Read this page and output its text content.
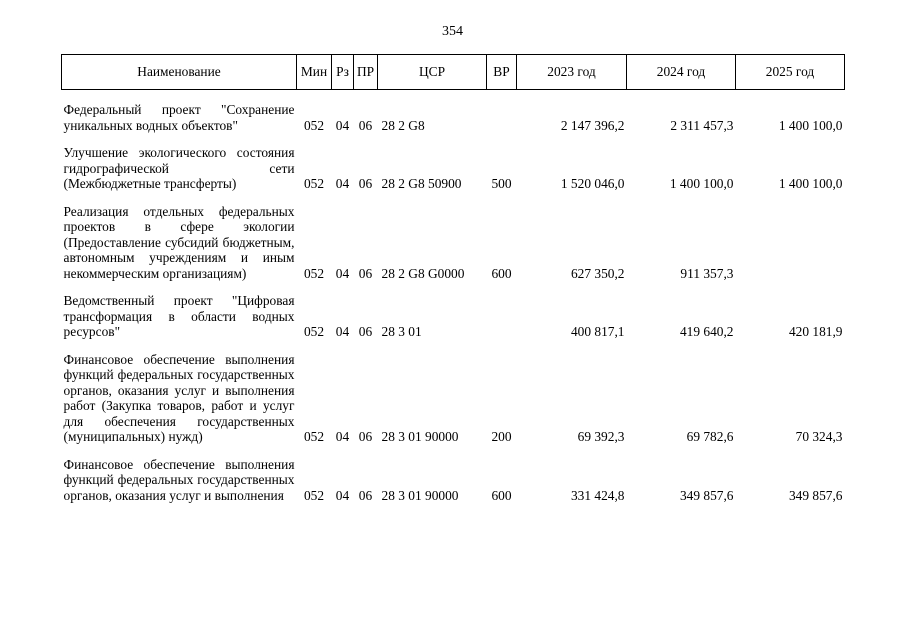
354
Наименование	Мин	Рз	ПР	ЦСР	ВР	2023 год	2024 год	2025 год

Федеральный проект "Сохранение уникальных водных объектов"	052	04	06	28 2 G8		2 147 396,2	2 311 457,3	1 400 100,0

Улучшение экологического состояния гидрографической сети (Межбюджетные трансферты)	052	04	06	28 2 G8 50900	500	1 520 046,0	1 400 100,0	1 400 100,0

Реализация отдельных федеральных проектов в сфере экологии (Предоставление субсидий бюджетным, автономным учреждениям и иным некоммерческим организациям)	052	04	06	28 2 G8 G0000	600	627 350,2	911 357,3	

Ведомственный проект "Цифровая трансформация в области водных ресурсов"	052	04	06	28 3 01		400 817,1	419 640,2	420 181,9

Финансовое обеспечение выполнения функций федеральных государственных органов, оказания услуг и выполнения работ (Закупка товаров, работ и услуг для обеспечения государственных (муниципальных) нужд)	052	04	06	28 3 01 90000	200	69 392,3	69 782,6	70 324,3

Финансовое обеспечение выполнения функций федеральных государственных органов, оказания услуг и выполнения	052	04	06	28 3 01 90000	600	331 424,8	349 857,6	349 857,6
